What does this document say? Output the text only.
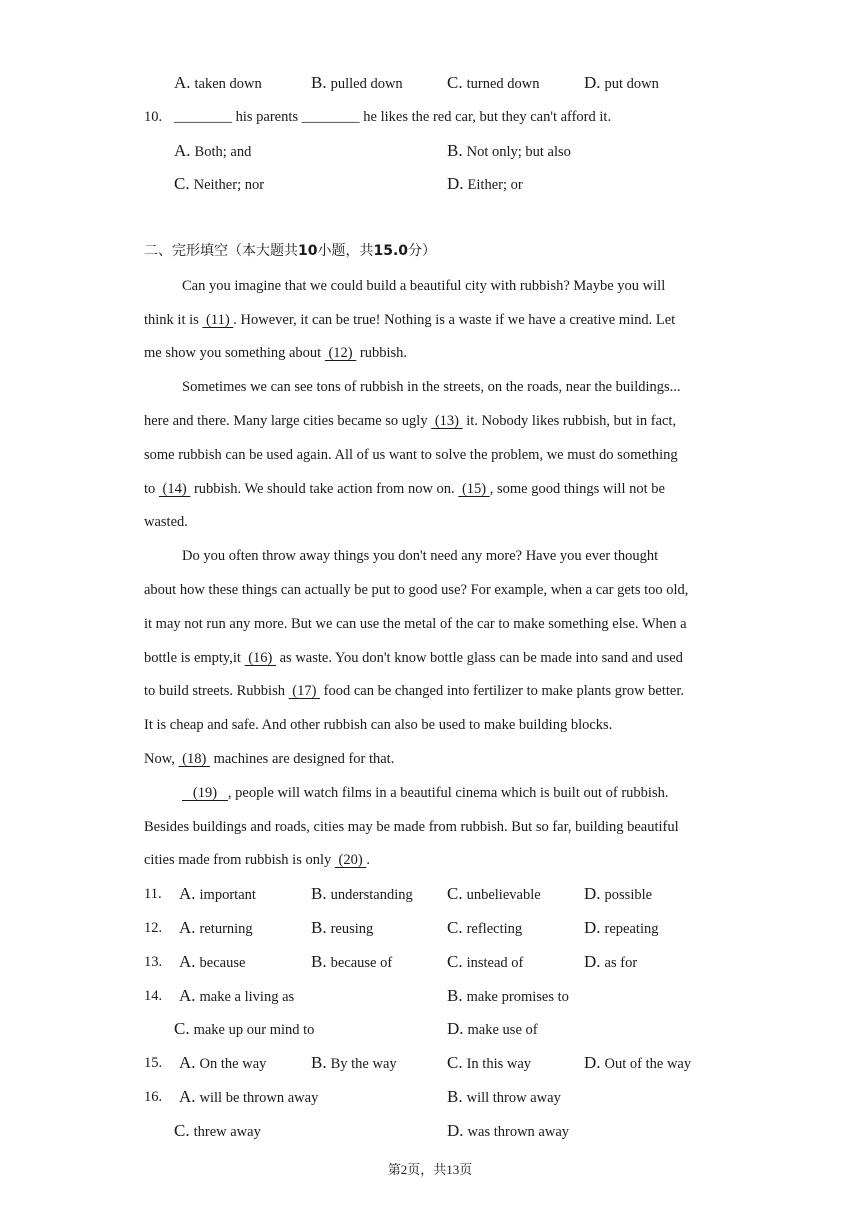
A. taken down	B. pulled down	C. turned down	D. put down
10. ________ his parents ________ he likes the red car, but they can't afford it.
A. Both; and	B. Not only; but also
C. Neither; nor	D. Either; or
二、完形填空（本大题共10小题，共15.0分）
Can you imagine that we could build a beautiful city with rubbish? Maybe you will
think it is  (11) . However, it can be true! Nothing is a waste if we have a creative mind. Let
me show you something about  (12)  rubbish.
Sometimes we can see tons of rubbish in the streets, on the roads, near the buildings...
here and there. Many large cities became so ugly  (13)  it. Nobody likes rubbish, but in fact,
some rubbish can be used again. All of us want to solve the problem, we must do something
to  (14)  rubbish. We should take action from now on.  (15) , some good things will not be
wasted.
Do you often throw away things you don't need any more? Have you ever thought
about how these things can actually be put to good use? For example, when a car gets too old,
it may not run any more. But we can use the metal of the car to make something else. When a
bottle is empty,it  (16)  as waste. You don't know bottle glass can be made into sand and used
to build streets. Rubbish  (17)  food can be changed into fertilizer to make plants grow better.
It is cheap and safe. And other rubbish can also be used to make building blocks.
Now,  (18)  machines are designed for that.
(19)   , people will watch films in a beautiful cinema which is built out of rubbish.
Besides buildings and roads, cities may be made from rubbish. But so far, building beautiful
cities made from rubbish is only  (20) .
11. A. important	B. understanding C. unbelievable	D. possible
12. A. returning	B. reusing	C. reflecting	D. repeating
13. A. because	B. because of	C. instead of	D. as for
14. A. make a living as	B. make promises to
C. make up our mind to	D. make use of
15. A. On the way	B. By the way	C. In this way	D. Out of the way
16. A. will be thrown away	B. will throw away
C. threw away	D. was thrown away
第2页，共13页
